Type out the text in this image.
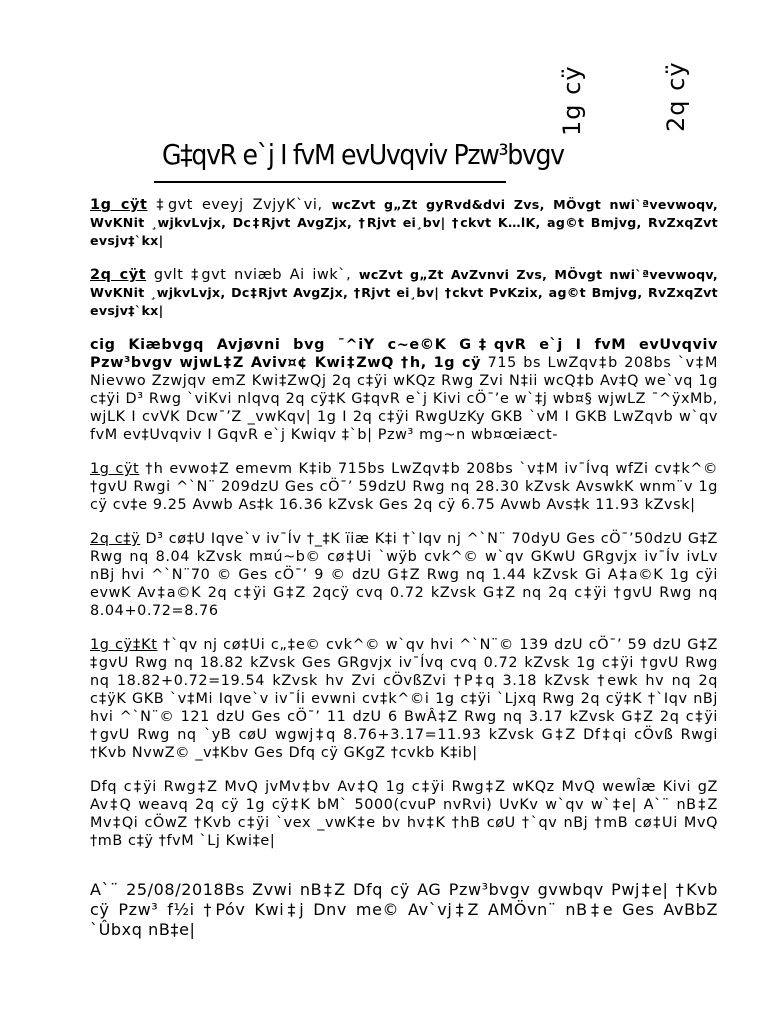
1g cÿ	2q cÿ
G‡qvR e`j I fvM evUvqviv Pzw³bvgv

1g cÿt ‡gvt eveyj ZvjyK`vi, wcZvt g„Zt gyRvd&dvi Zvs, MÖvgt nwi`ªvevwoqv, WvKNit ¸wjkvLvjx, Dc‡Rjvt AvgZjx, †Rjvt ei¸bv| †ckvt K…lK, ag©t Bmjvg, RvZxqZvt evsjv‡`kx|

2q cÿt gvlt ‡gvt nviæb Ai iwk`, wcZvt g„Zt AvZvnvi Zvs, MÖvgt nwi`ªvevwoqv, WvKNit ¸wjkvLvjx, Dc‡Rjvt AvgZjx, †Rjvt ei¸bv| †ckvt PvKzix, ag©t Bmjvg, RvZxqZvt evsjv‡`kx|

cig Kiæbvgq Avjøvni bvg ¯^iY c~e©K G‡qvR e`j I fvM evUvqviv Pzw³bvgv wjwL‡Z Aviv¤¢ Kwi‡ZwQ †h, 1g cÿ 715 bs LwZqv‡b 208bs `v‡M Nievwo Zzwjqv emZ Kwi‡ZwQj 2q c‡ÿi wKQz Rwg Zvi N‡ii wcQ‡b Av‡Q we`vq 1g c‡ÿi D³ Rwg `viKvi nlqvq 2q cÿ‡K G‡qvR e`j Kivi cÖ¯’e w`‡j wb¤§ wjwLZ ¯^ÿxMb, wjLK I cvVK Dcw¯’Z _vwKqv| 1g I 2q c‡ÿi RwgUzKy GKB `vM I GKB LwZqvb w`qv fvM ev‡Uvqviv I GqvR e`j Kwiqv ‡`b| Pzw³ mg~n wb¤œiæct-

1g cÿt †h evwo‡Z emevm K‡ib 715bs LwZqv‡b 208bs `v‡M iv¯Ívq wfZi cv‡k^© †gvU Rwgi ^`N¨ 209dzU Ges cÖ¯’ 59dzU Rwg nq 28.30 kZvsk AvswkK wnm¨v 1g cÿ cv‡e 9.25 Avwb As‡k 16.36 kZvsk Ges 2q cÿ 6.75 Avwb Avs‡k 11.93 kZvsk|

2q c‡ÿ D³ cø‡U Iqve`v iv¯Ív †_‡K ïiæ K‡i †`Iqv nj ^`N¨ 70dyU Ges cÖ¯’50dzU G‡Z Rwg nq 8.04 kZvsk m¤ú~b© cø‡Ui `wÿb cvk^© w`qv GKwU GRgvjx iv¯Ív ivLv nBj hvi ^`N¨70 © Ges cÖ¯’ 9 © dzU G‡Z Rwg nq 1.44 kZvsk Gi A‡a©K 1g cÿi evwK Av‡a©K 2q c‡ÿi G‡Z 2qcÿ cvq 0.72 kZvsk G‡Z nq 2q c‡ÿi †gvU Rwg nq 8.04+0.72=8.76

1g cÿ‡Kt †`qv nj cø‡Ui c„‡e© cvk^© w`qv hvi ^`N¨© 139 dzU cÖ¯’ 59 dzU G‡Z ‡gvU Rwg nq 18.82 kZvsk Ges GRgvjx iv¯Ívq cvq 0.72 kZvsk 1g c‡ÿi †gvU Rwg nq 18.82+0.72=19.54 kZvsk hv Zvi cÖvßZvi †P‡q 3.18 kZvsk †ewk hv nq 2q c‡ÿK GKB `v‡Mi Iqve`v iv¯Íi evwni cv‡k^©i 1g c‡ÿi `Ljxq Rwg 2q cÿ‡K †`Iqv nBj hvi ^`N¨© 121 dzU Ges cÖ¯’ 11 dzU 6 BwÂ‡Z Rwg nq 3.17 kZvsk G‡Z 2q c‡ÿi †gvU Rwg nq `yB cøU wgwj‡q 8.76+3.17=11.93 kZvsk G‡Z Df‡qi cÖvß Rwgi †Kvb NvwZ© _v‡Kbv Ges Dfq cÿ GKgZ †cvkb K‡ib|

Dfq c‡ÿi Rwg‡Z MvQ jvMv‡bv Av‡Q 1g c‡ÿi Rwg‡Z wKQz MvQ wewÎæ Kivi gZ Av‡Q weavq 2q cÿ 1g cÿ‡K bM` 5000(cvuP nvRvi) UvKv w`qv w`‡e| A`¨ nB‡Z Mv‡Qi cÖwZ †Kvb c‡ÿi `vex _vwK‡e bv hv‡K †hB cøU †`qv nBj †mB cø‡Ui MvQ †mB c‡ÿ †fvM `Lj Kwi‡e|

A`¨ 25/08/2018Bs Zvwi nB‡Z Dfq cÿ AG Pzw³bvgv gvwbqv Pwj‡e| †Kvb cÿ Pzw³ f½i †Póv Kwi‡j Dnv me© Av`vj‡Z AMÖvn¨ nB‡e Ges AvBbZ `Ûbxq nB‡e|
